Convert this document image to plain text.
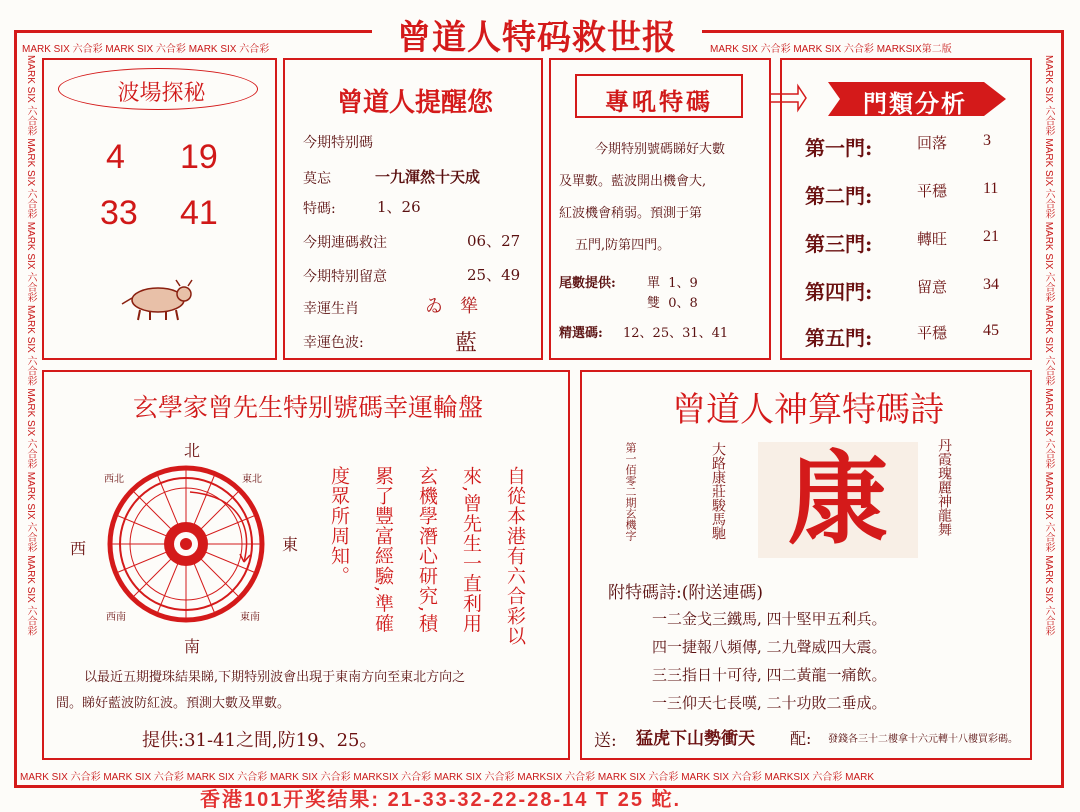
MARK SIX 六合彩 MARK SIX 六合彩 MARK SIX 六合彩	MARK SIX 六合彩 MARK SIX 六合彩 MARKSIX第二版
MARK SIX 六合彩 MARK SIX 六合彩 MARK SIX 六合彩 MARK SIX 六合彩 MARKSIX 六合彩 MARK SIX 六合彩 MARKSIX 六合彩 MARK SIX 六合彩 MARK SIX 六合彩 MARKSIX 六合彩 MARK
MARK SIX 六合彩 MARK SIX 六合彩 MARK SIX 六合彩 MARK SIX 六合彩 MARK SIX 六合彩 MARK SIX 六合彩 MARK SIX 六合彩	MARK SIX 六合彩 MARK SIX 六合彩 MARK SIX 六合彩 MARK SIX 六合彩 MARK SIX 六合彩 MARK SIX 六合彩 MARK SIX 六合彩
曾道人特码救世报
波場探秘
4 19
33 41
曾道人提醒您
今期特别碼
莫忘	一九渾然十天成
特碼:	1、26
今期連碼救注	06、27
今期特别留意	25、49
幸運生肖	ゐ   㹐
幸運色波:	藍
專吼特碼
今期特别號碼睇好大數
及單數。藍波開出機會大,
紅波機會稍弱。預測于第
五門,防第四門。
尾數提供: 單  1、9
雙  0、8
精選碼: 12、25、31、41
門類分析
第一門:	回落 3
第二門:	平穩 11
第三門:	轉旺 21
第四門:	留意 34
第五門:	平穩 45
玄學家曾先生特别號碼幸運輪盤
北
南
東
西
西北	東北
西南	東南	自從本港有六合彩以
來,曾先生一直利用
玄機學潛心研究,積
累了豐富經驗,準確
度眾所周知。
以最近五期攪珠結果睇,下期特别波會出現于東南方向至東北方向之
間。睇好藍波防紅波。預測大數及單數。
提供:31-41之間,防19、25。
曾道人神算特碼詩
第一佰零二期玄機字	大路康莊駿馬馳	丹霞瑰麗神龍舞
康
附特碼詩:(附送連碼)
一二金戈三鐵馬, 四十堅甲五利兵。
四一捷報八頻傳, 二九聲威四大震。
三三指日十可待, 四二黃龍一痛飲。
一三仰天七長嘆, 二十功敗二垂成。
送: 猛虎下山勢衝天 配: 發錢各三十二樓拿十六元轉十八樓買彩碼。
香港101开奖结果: 21-33-32-22-28-14 T 25 蛇.
